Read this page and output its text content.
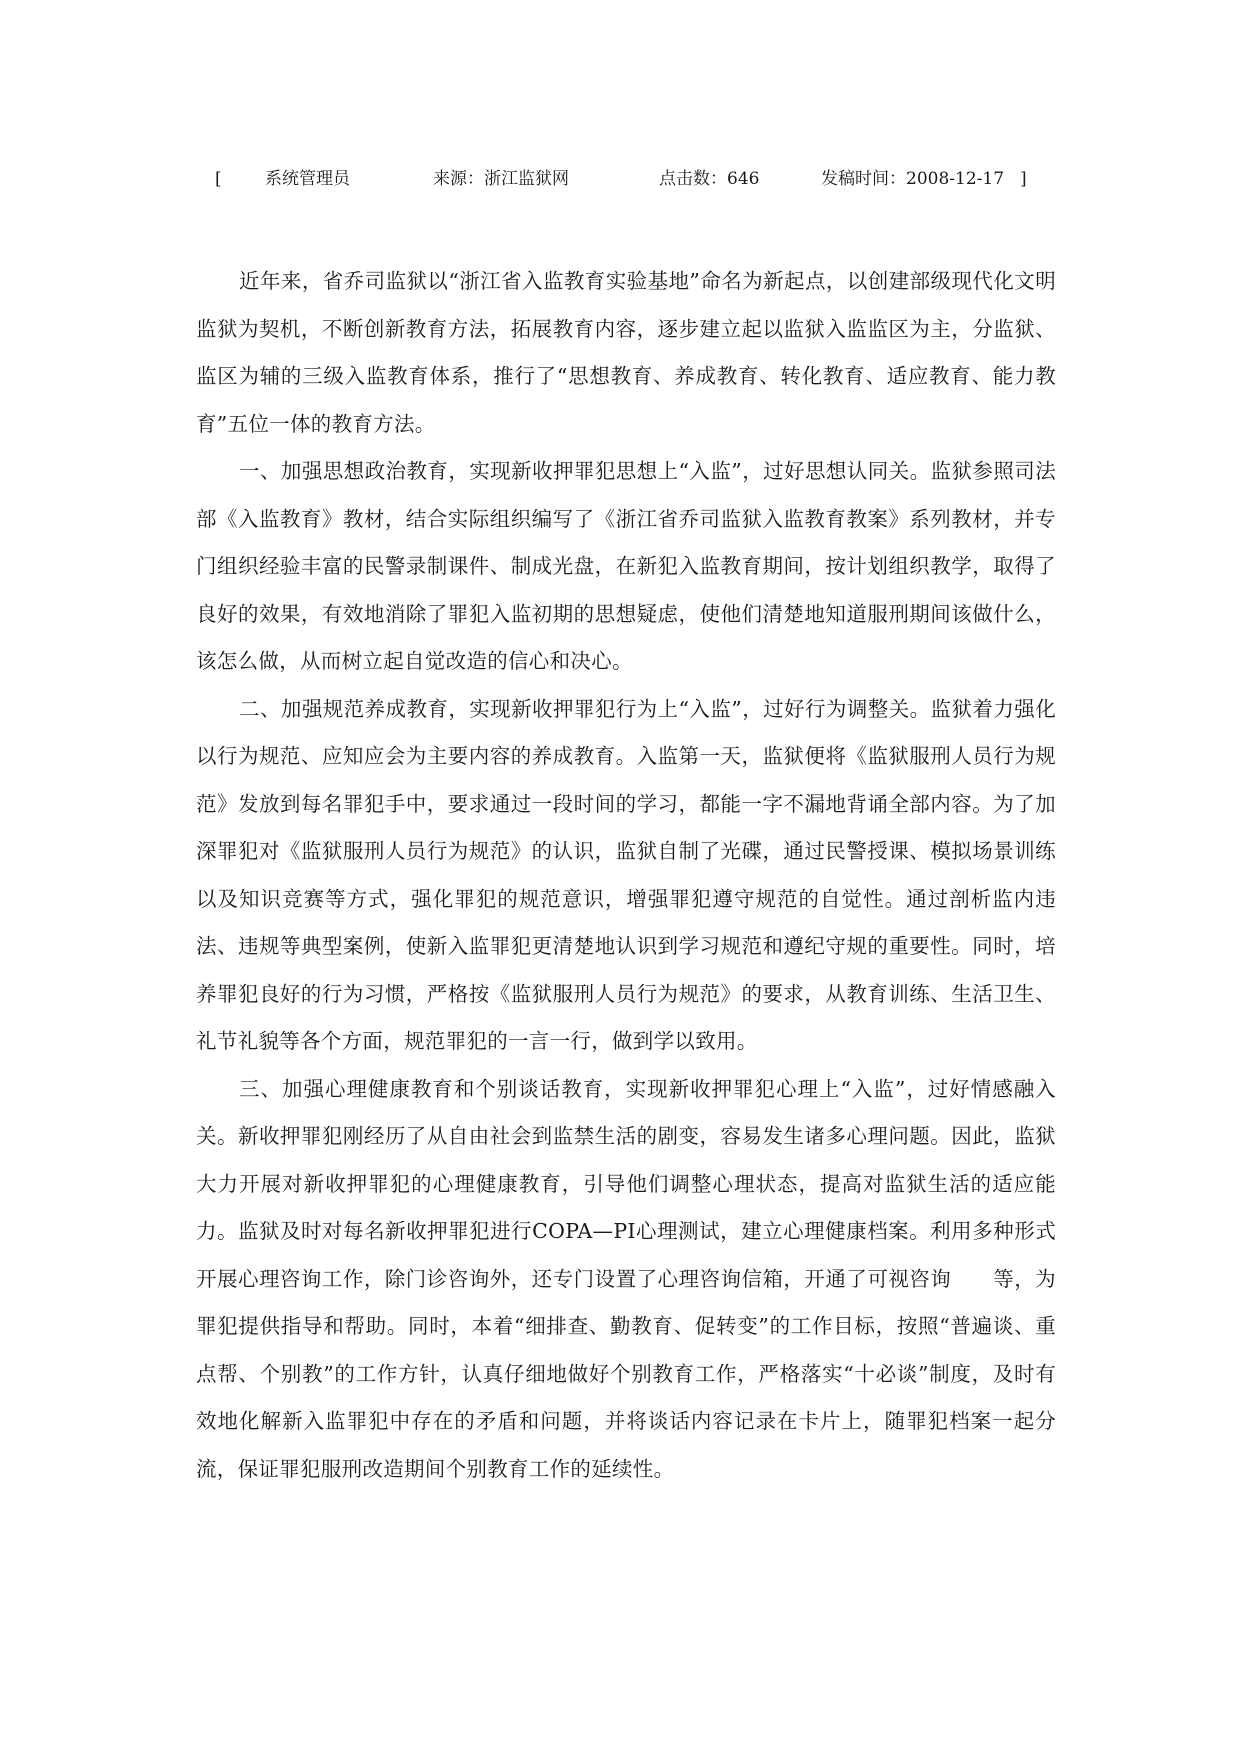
[	系统管理员	来源：浙江监狱网	点击数：646	发稿时间：2008-12-17 ]

近年来，省乔司监狱以“浙江省入监教育实验基地”命名为新起点，以创建部级现代化文明监狱为契机，不断创新教育方法，拓展教育内容，逐步建立起以监狱入监监区为主，分监狱、监区为辅的三级入监教育体系，推行了“思想教育、养成教育、转化教育、适应教育、能力教育”五位一体的教育方法。

一、加强思想政治教育，实现新收押罪犯思想上“入监”，过好思想认同关。监狱参照司法部《入监教育》教材，结合实际组织编写了《浙江省乔司监狱入监教育教案》系列教材，并专门组织经验丰富的民警录制课件、制成光盘，在新犯入监教育期间，按计划组织教学，取得了良好的效果，有效地消除了罪犯入监初期的思想疑虑，使他们清楚地知道服刑期间该做什么，该怎么做，从而树立起自觉改造的信心和决心。

二、加强规范养成教育，实现新收押罪犯行为上“入监”，过好行为调整关。监狱着力强化以行为规范、应知应会为主要内容的养成教育。入监第一天，监狱便将《监狱服刑人员行为规范》发放到每名罪犯手中，要求通过一段时间的学习，都能一字不漏地背诵全部内容。为了加深罪犯对《监狱服刑人员行为规范》的认识，监狱自制了光碟，通过民警授课、模拟场景训练以及知识竞赛等方式，强化罪犯的规范意识，增强罪犯遵守规范的自觉性。通过剖析监内违法、违规等典型案例，使新入监罪犯更清楚地认识到学习规范和遵纪守规的重要性。同时，培养罪犯良好的行为习惯，严格按《监狱服刑人员行为规范》的要求，从教育训练、生活卫生、礼节礼貌等各个方面，规范罪犯的一言一行，做到学以致用。

三、加强心理健康教育和个别谈话教育，实现新收押罪犯心理上“入监”，过好情感融入关。新收押罪犯刚经历了从自由社会到监禁生活的剧变，容易发生诸多心理问题。因此，监狱大力开展对新收押罪犯的心理健康教育，引导他们调整心理状态，提高对监狱生活的适应能力。监狱及时对每名新收押罪犯进行COPA—PI心理测试，建立心理健康档案。利用多种形式开展心理咨询工作，除门诊咨询外，还专门设置了心理咨询信箱，开通了可视咨询　　等，为罪犯提供指导和帮助。同时，本着“细排查、勤教育、促转变”的工作目标，按照“普遍谈、重点帮、个别教”的工作方针，认真仔细地做好个别教育工作，严格落实“十必谈”制度，及时有效地化解新入监罪犯中存在的矛盾和问题，并将谈话内容记录在卡片上，随罪犯档案一起分流，保证罪犯服刑改造期间个别教育工作的延续性。
